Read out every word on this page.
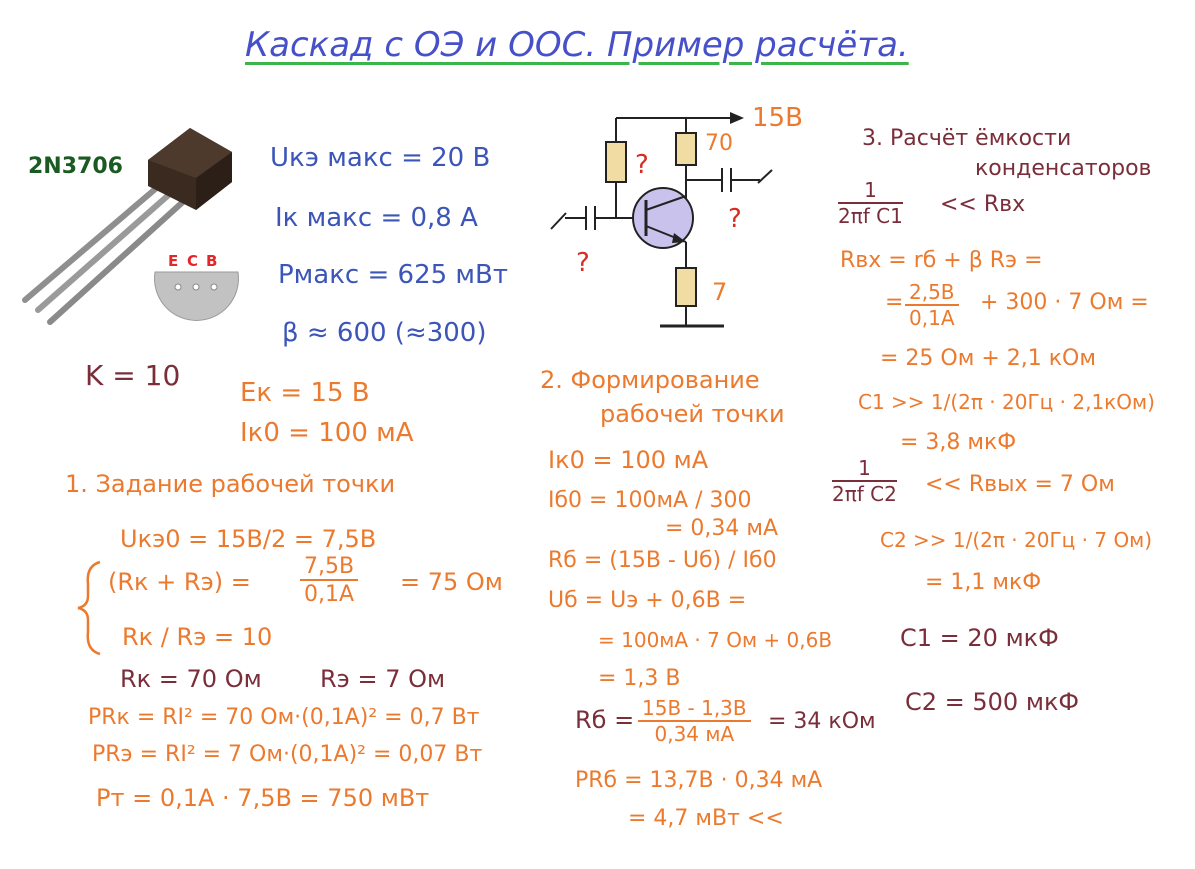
Каскад с ОЭ и ООС. Пример расчёта.
2N3706
E C B
Uкэ макс = 20 В
Iк макс = 0,8 А
Pмакс = 625 мВт
β ≈ 600 (≈300)
15В
70
7
?
?
?
K = 10
Eк = 15 В
Iк0 = 100 мА
1. Задание рабочей точки
Uкэ0 = 15В/2 = 7,5В
(Rк + Rэ) =
7,5В
0,1А = 75 Ом
Rк / Rэ = 10
Rк = 70 Ом Rэ = 7 Ом
PRк = RI² = 70 Ом·(0,1А)² = 0,7 Вт
PRэ = RI² = 7 Ом·(0,1А)² = 0,07 Вт
Pт = 0,1А · 7,5В = 750 мВт
2. Формирование
рабочей точки
Iк0 = 100 мА
Iб0 = 100мА / 300
= 0,34 мА
Rб = (15В - Uб) / Iб0
Uб = Uэ + 0,6В =
= 100мА · 7 Ом + 0,6В
= 1,3 В
Rб = 15В - 1,3В
0,34 мА	= 34 кОм
PRб = 13,7В · 0,34 мА
= 4,7 мВт <<
3. Расчёт ёмкости
конденсаторов
$\frac{1}{\text{2πf C1}}$ << Rвх
Rвх = rб + β Rэ =
= 2,5В
0,1А
+ 300 · 7 Ом =
= 25 Ом + 2,1 кОм
C1 >> 1/(2π · 20Гц · 2,1кОм)
= 3,8 мкФ
$\frac{1}{\text{2πf C2}}$ << Rвых = 7 Ом
C2 >> 1/(2π · 20Гц · 7 Ом)
= 1,1 мкФ
C1 = 20 мкФ
C2 = 500 мкФ
